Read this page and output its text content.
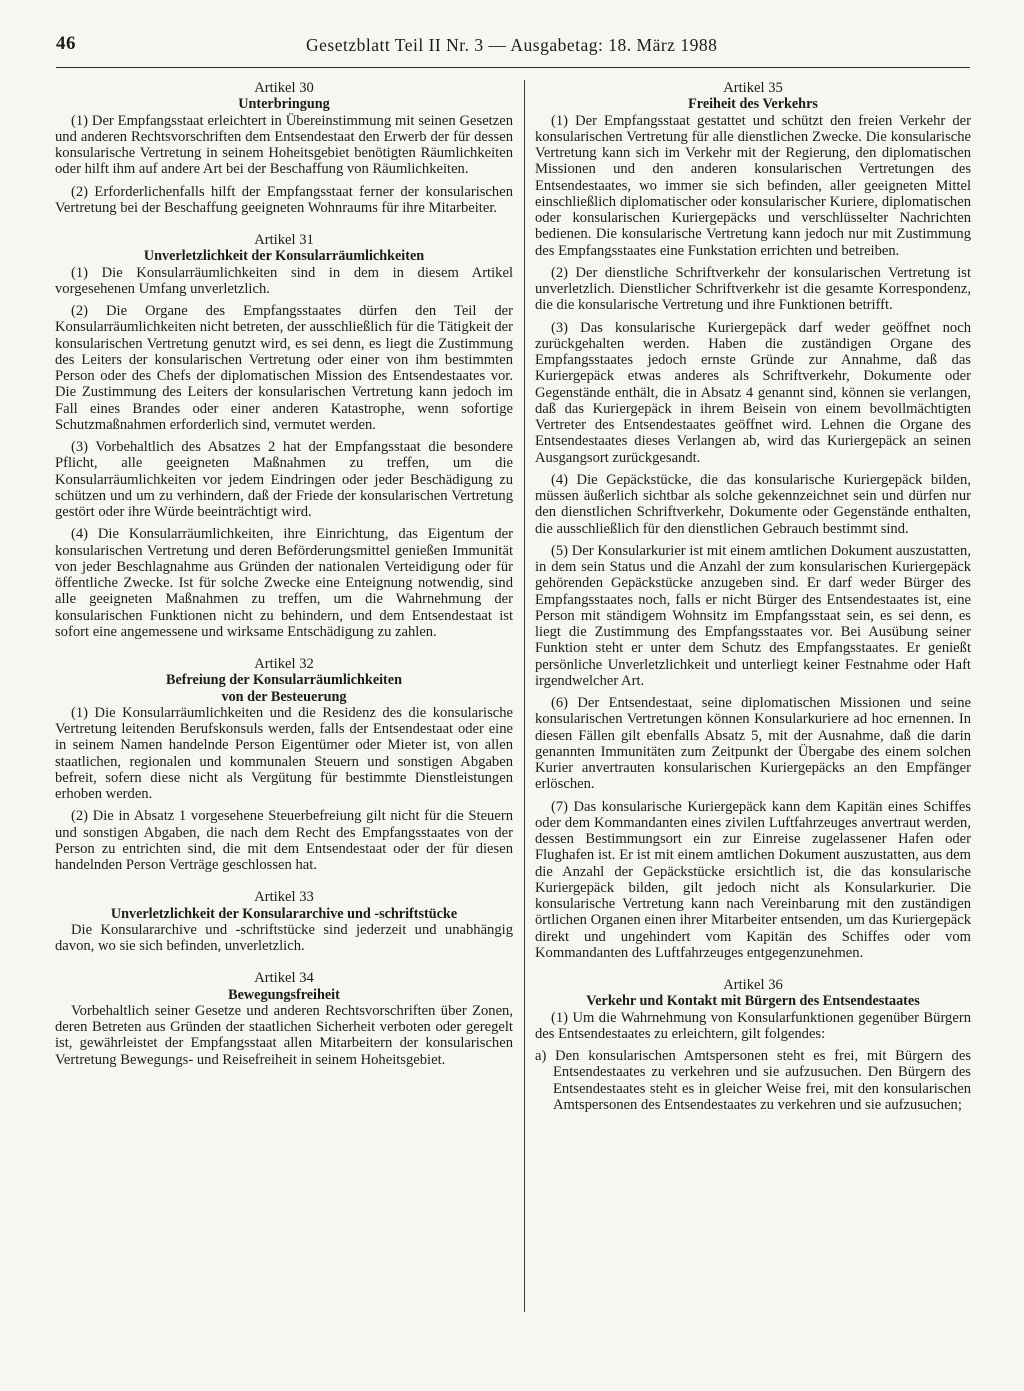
46	Gesetzblatt Teil II Nr. 3 — Ausgabetag: 18. März 1988
Artikel 30
Unterbringung

(1) Der Empfangsstaat erleichtert in Übereinstimmung mit seinen Gesetzen und anderen Rechtsvorschriften dem Entsendestaat den Erwerb der für dessen konsularische Vertretung in seinem Hoheitsgebiet benötigten Räumlichkeiten oder hilft ihm auf andere Art bei der Beschaffung von Räumlichkeiten.

(2) Erforderlichenfalls hilft der Empfangsstaat ferner der konsularischen Vertretung bei der Beschaffung geeigneten Wohnraums für ihre Mitarbeiter.

Artikel 31
Unverletzlichkeit der Konsularräumlichkeiten

(1) Die Konsularräumlichkeiten sind in dem in diesem Artikel vorgesehenen Umfang unverletzlich.

(2) Die Organe des Empfangsstaates dürfen den Teil der Konsularräumlichkeiten nicht betreten, der ausschließlich für die Tätigkeit der konsularischen Vertretung genutzt wird, es sei denn, es liegt die Zustimmung des Leiters der konsularischen Vertretung oder einer von ihm bestimmten Person oder des Chefs der diplomatischen Mission des Entsendestaates vor. Die Zustimmung des Leiters der konsularischen Vertretung kann jedoch im Fall eines Brandes oder einer anderen Katastrophe, wenn sofortige Schutzmaßnahmen erforderlich sind, vermutet werden.

(3) Vorbehaltlich des Absatzes 2 hat der Empfangsstaat die besondere Pflicht, alle geeigneten Maßnahmen zu treffen, um die Konsularräumlichkeiten vor jedem Eindringen oder jeder Beschädigung zu schützen und um zu verhindern, daß der Friede der konsularischen Vertretung gestört oder ihre Würde beeinträchtigt wird.

(4) Die Konsularräumlichkeiten, ihre Einrichtung, das Eigentum der konsularischen Vertretung und deren Beförderungsmittel genießen Immunität von jeder Beschlagnahme aus Gründen der nationalen Verteidigung oder für öffentliche Zwecke. Ist für solche Zwecke eine Enteignung notwendig, sind alle geeigneten Maßnahmen zu treffen, um die Wahrnehmung der konsularischen Funktionen nicht zu behindern, und dem Entsendestaat ist sofort eine angemessene und wirksame Entschädigung zu zahlen.

Artikel 32
Befreiung der Konsularräumlichkeiten
von der Besteuerung

(1) Die Konsularräumlichkeiten und die Residenz des die konsularische Vertretung leitenden Berufskonsuls werden, falls der Entsendestaat oder eine in seinem Namen handelnde Person Eigentümer oder Mieter ist, von allen staatlichen, regionalen und kommunalen Steuern und sonstigen Abgaben befreit, sofern diese nicht als Vergütung für bestimmte Dienstleistungen erhoben werden.

(2) Die in Absatz 1 vorgesehene Steuerbefreiung gilt nicht für die Steuern und sonstigen Abgaben, die nach dem Recht des Empfangsstaates von der Person zu entrichten sind, die mit dem Entsendestaat oder der für diesen handelnden Person Verträge geschlossen hat.

Artikel 33
Unverletzlichkeit der Konsulararchive und -schriftstücke

Die Konsulararchive und -schriftstücke sind jederzeit und unabhängig davon, wo sie sich befinden, unverletzlich.

Artikel 34
Bewegungsfreiheit

Vorbehaltlich seiner Gesetze und anderen Rechtsvorschriften über Zonen, deren Betreten aus Gründen der staatlichen Sicherheit verboten oder geregelt ist, gewährleistet der Empfangsstaat allen Mitarbeitern der konsularischen Vertretung Bewegungs- und Reisefreiheit in seinem Hoheitsgebiet.

Artikel 35
Freiheit des Verkehrs

(1) Der Empfangsstaat gestattet und schützt den freien Verkehr der konsularischen Vertretung für alle dienstlichen Zwecke. Die konsularische Vertretung kann sich im Verkehr mit der Regierung, den diplomatischen Missionen und den anderen konsularischen Vertretungen des Entsendestaates, wo immer sie sich befinden, aller geeigneten Mittel einschließlich diplomatischer oder konsularischer Kuriere, diplomatischen oder konsularischen Kuriergepäcks und verschlüsselter Nachrichten bedienen. Die konsularische Vertretung kann jedoch nur mit Zustimmung des Empfangsstaates eine Funkstation errichten und betreiben.

(2) Der dienstliche Schriftverkehr der konsularischen Vertretung ist unverletzlich. Dienstlicher Schriftverkehr ist die gesamte Korrespondenz, die die konsularische Vertretung und ihre Funktionen betrifft.

(3) Das konsularische Kuriergepäck darf weder geöffnet noch zurückgehalten werden. Haben die zuständigen Organe des Empfangsstaates jedoch ernste Gründe zur Annahme, daß das Kuriergepäck etwas anderes als Schriftverkehr, Dokumente oder Gegenstände enthält, die in Absatz 4 genannt sind, können sie verlangen, daß das Kuriergepäck in ihrem Beisein von einem bevollmächtigten Vertreter des Entsendestaates geöffnet wird. Lehnen die Organe des Entsendestaates dieses Verlangen ab, wird das Kuriergepäck an seinen Ausgangsort zurückgesandt.

(4) Die Gepäckstücke, die das konsularische Kuriergepäck bilden, müssen äußerlich sichtbar als solche gekennzeichnet sein und dürfen nur den dienstlichen Schriftverkehr, Dokumente oder Gegenstände enthalten, die ausschließlich für den dienstlichen Gebrauch bestimmt sind.

(5) Der Konsularkurier ist mit einem amtlichen Dokument auszustatten, in dem sein Status und die Anzahl der zum konsularischen Kuriergepäck gehörenden Gepäckstücke anzugeben sind. Er darf weder Bürger des Empfangsstaates noch, falls er nicht Bürger des Entsendestaates ist, eine Person mit ständigem Wohnsitz im Empfangsstaat sein, es sei denn, es liegt die Zustimmung des Empfangsstaates vor. Bei Ausübung seiner Funktion steht er unter dem Schutz des Empfangsstaates. Er genießt persönliche Unverletzlichkeit und unterliegt keiner Festnahme oder Haft irgendwelcher Art.

(6) Der Entsendestaat, seine diplomatischen Missionen und seine konsularischen Vertretungen können Konsularkuriere ad hoc ernennen. In diesen Fällen gilt ebenfalls Absatz 5, mit der Ausnahme, daß die darin genannten Immunitäten zum Zeitpunkt der Übergabe des einem solchen Kurier anvertrauten konsularischen Kuriergepäcks an den Empfänger erlöschen.

(7) Das konsularische Kuriergepäck kann dem Kapitän eines Schiffes oder dem Kommandanten eines zivilen Luftfahrzeuges anvertraut werden, dessen Bestimmungsort ein zur Einreise zugelassener Hafen oder Flughafen ist. Er ist mit einem amtlichen Dokument auszustatten, aus dem die Anzahl der Gepäckstücke ersichtlich ist, die das konsularische Kuriergepäck bilden, gilt jedoch nicht als Konsularkurier. Die konsularische Vertretung kann nach Vereinbarung mit den zuständigen örtlichen Organen einen ihrer Mitarbeiter entsenden, um das Kuriergepäck direkt und ungehindert vom Kapitän des Schiffes oder vom Kommandanten des Luftfahrzeuges entgegenzunehmen.

Artikel 36
Verkehr und Kontakt mit Bürgern des Entsendestaates

(1) Um die Wahrnehmung von Konsularfunktionen gegenüber Bürgern des Entsendestaates zu erleichtern, gilt folgendes:

a) Den konsularischen Amtspersonen steht es frei, mit Bürgern des Entsendestaates zu verkehren und sie aufzusuchen. Den Bürgern des Entsendestaates steht es in gleicher Weise frei, mit den konsularischen Amtspersonen des Entsendestaates zu verkehren und sie aufzusuchen;
